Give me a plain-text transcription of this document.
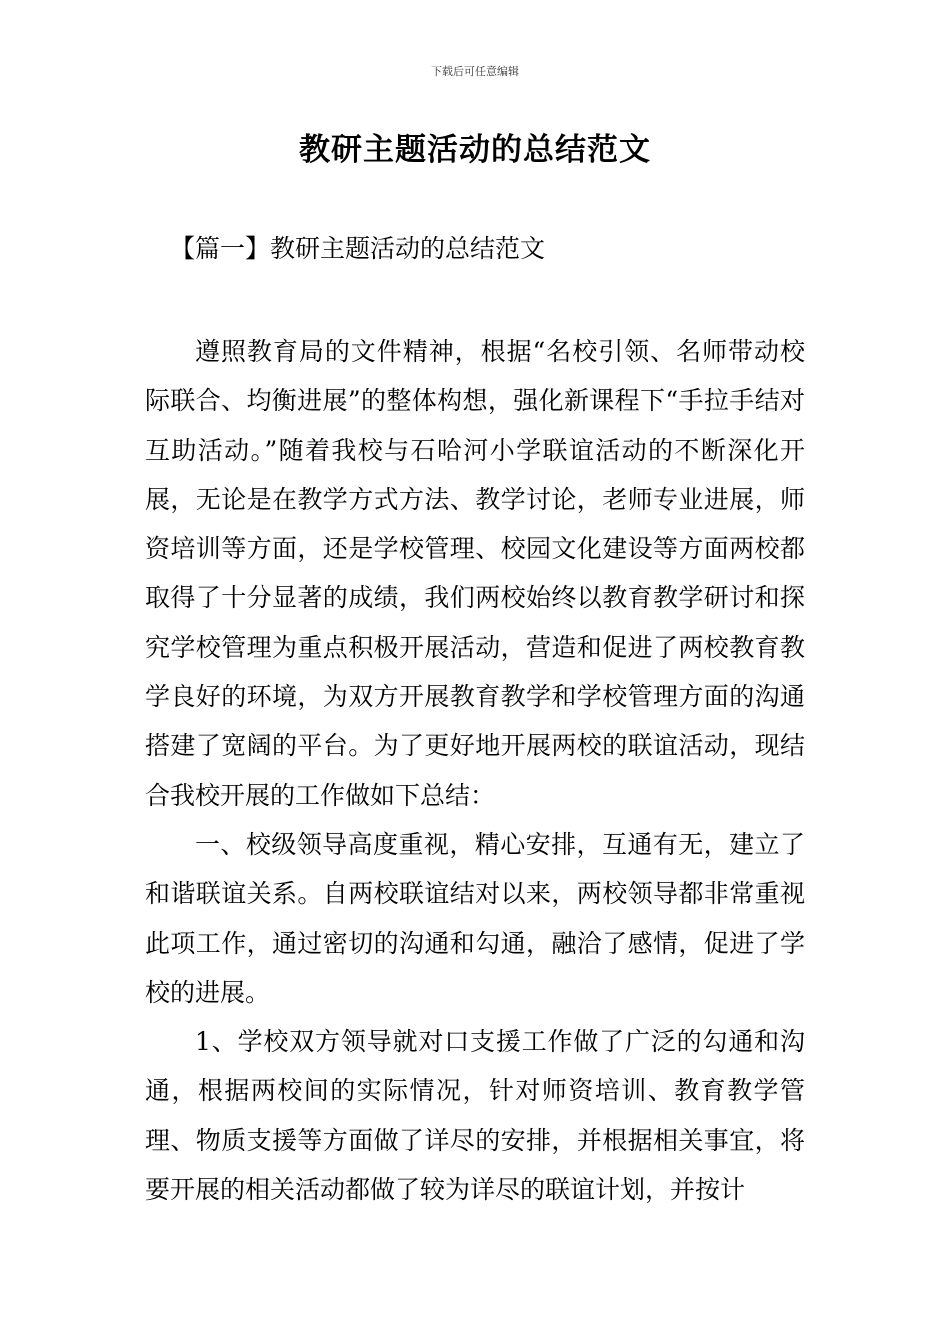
下载后可任意编辑
教研主题活动的总结范文
【篇一】教研主题活动的总结范文

遵照教育局的文件精神，根据“名校引领、名师带动校际联合、均衡进展”的整体构想，强化新课程下“手拉手结对互助活动。”随着我校与石哈河小学联谊活动的不断深化开展，无论是在教学方式方法、教学讨论，老师专业进展，师资培训等方面，还是学校管理、校园文化建设等方面两校都取得了十分显著的成绩，我们两校始终以教育教学研讨和探究学校管理为重点积极开展活动，营造和促进了两校教育教学良好的环境，为双方开展教育教学和学校管理方面的沟通搭建了宽阔的平台。为了更好地开展两校的联谊活动，现结合我校开展的工作做如下总结：

一、校级领导高度重视，精心安排，互通有无，建立了和谐联谊关系。自两校联谊结对以来，两校领导都非常重视此项工作，通过密切的沟通和勾通，融洽了感情，促进了学校的进展。

1、学校双方领导就对口支援工作做了广泛的勾通和沟通，根据两校间的实际情况，针对师资培训、教育教学管理、物质支援等方面做了详尽的安排，并根据相关事宜，将要开展的相关活动都做了较为详尽的联谊计划，并按计
